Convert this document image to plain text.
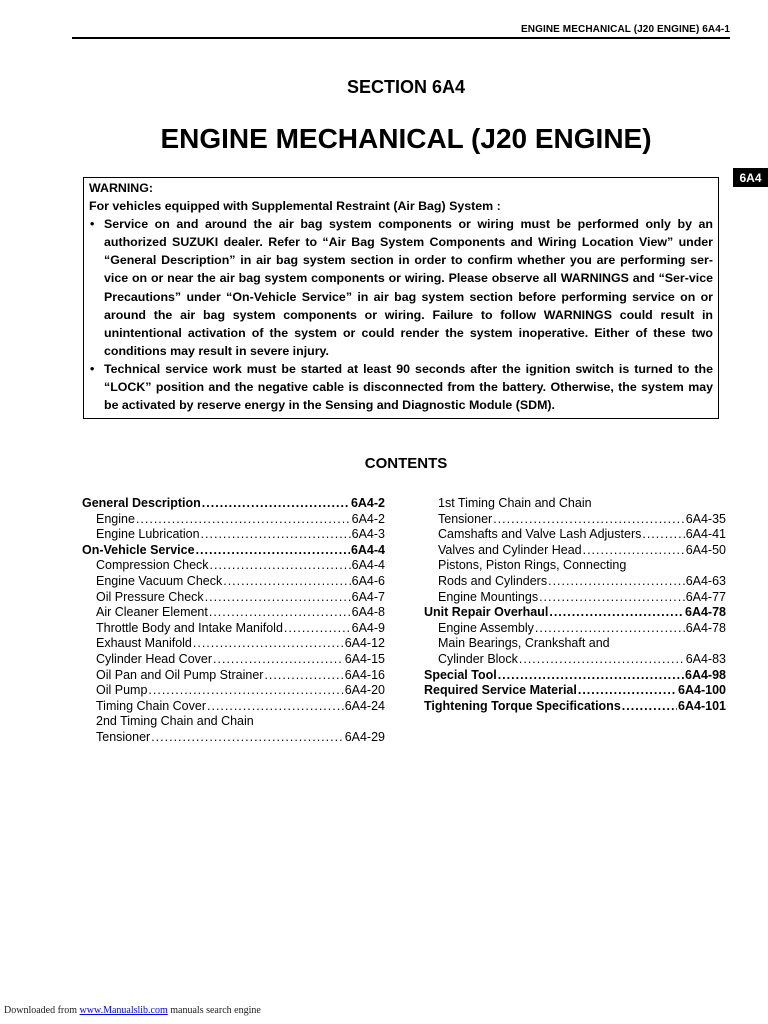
ENGINE MECHANICAL (J20 ENGINE) 6A4-1
6A4
SECTION 6A4
ENGINE MECHANICAL (J20 ENGINE)
WARNING:
For vehicles equipped with Supplemental Restraint (Air Bag) System :
• Service on and around the air bag system components or wiring must be performed only by an authorized SUZUKI dealer. Refer to “Air Bag System Components and Wiring Location View” under “General Description” in air bag system section in order to confirm whether you are performing ser-vice on or near the air bag system components or wiring. Please observe all WARNINGS and “Ser-vice Precautions” under “On-Vehicle Service” in air bag system section before performing service on or around the air bag system components or wiring. Failure to follow WARNINGS could result in unintentional activation of the system or could render the system inoperative. Either of these two conditions may result in severe injury.
• Technical service work must be started at least 90 seconds after the ignition switch is turned to the “LOCK” position and the negative cable is disconnected from the battery. Otherwise, the system may be activated by reserve energy in the Sensing and Diagnostic Module (SDM).
CONTENTS
General Description .....	6A4-2
Engine .....	6A4-2
Engine Lubrication .....	6A4-3
On-Vehicle Service .....	6A4-4
Compression Check .....	6A4-4
Engine Vacuum Check .....	6A4-6
Oil Pressure Check .....	6A4-7
Air Cleaner Element .....	6A4-8
Throttle Body and Intake Manifold .....	6A4-9
Exhaust Manifold .....	6A4-12
Cylinder Head Cover .....	6A4-15
Oil Pan and Oil Pump Strainer .....	6A4-16
Oil Pump .....	6A4-20
Timing Chain Cover .....	6A4-24
2nd Timing Chain and Chain
Tensioner .....	6A4-29
1st Timing Chain and Chain
Tensioner .....	6A4-35
Camshafts and Valve Lash Adjusters .....	6A4-41
Valves and Cylinder Head .....	6A4-50
Pistons, Piston Rings, Connecting
Rods and Cylinders .....	6A4-63
Engine Mountings .....	6A4-77
Unit Repair Overhaul .....	6A4-78
Engine Assembly .....	6A4-78
Main Bearings, Crankshaft and
Cylinder Block .....	6A4-83
Special Tool .....	6A4-98
Required Service Material .....	6A4-100
Tightening Torque Specifications .....	6A4-101
Downloaded from www.Manualslib.com manuals search engine
